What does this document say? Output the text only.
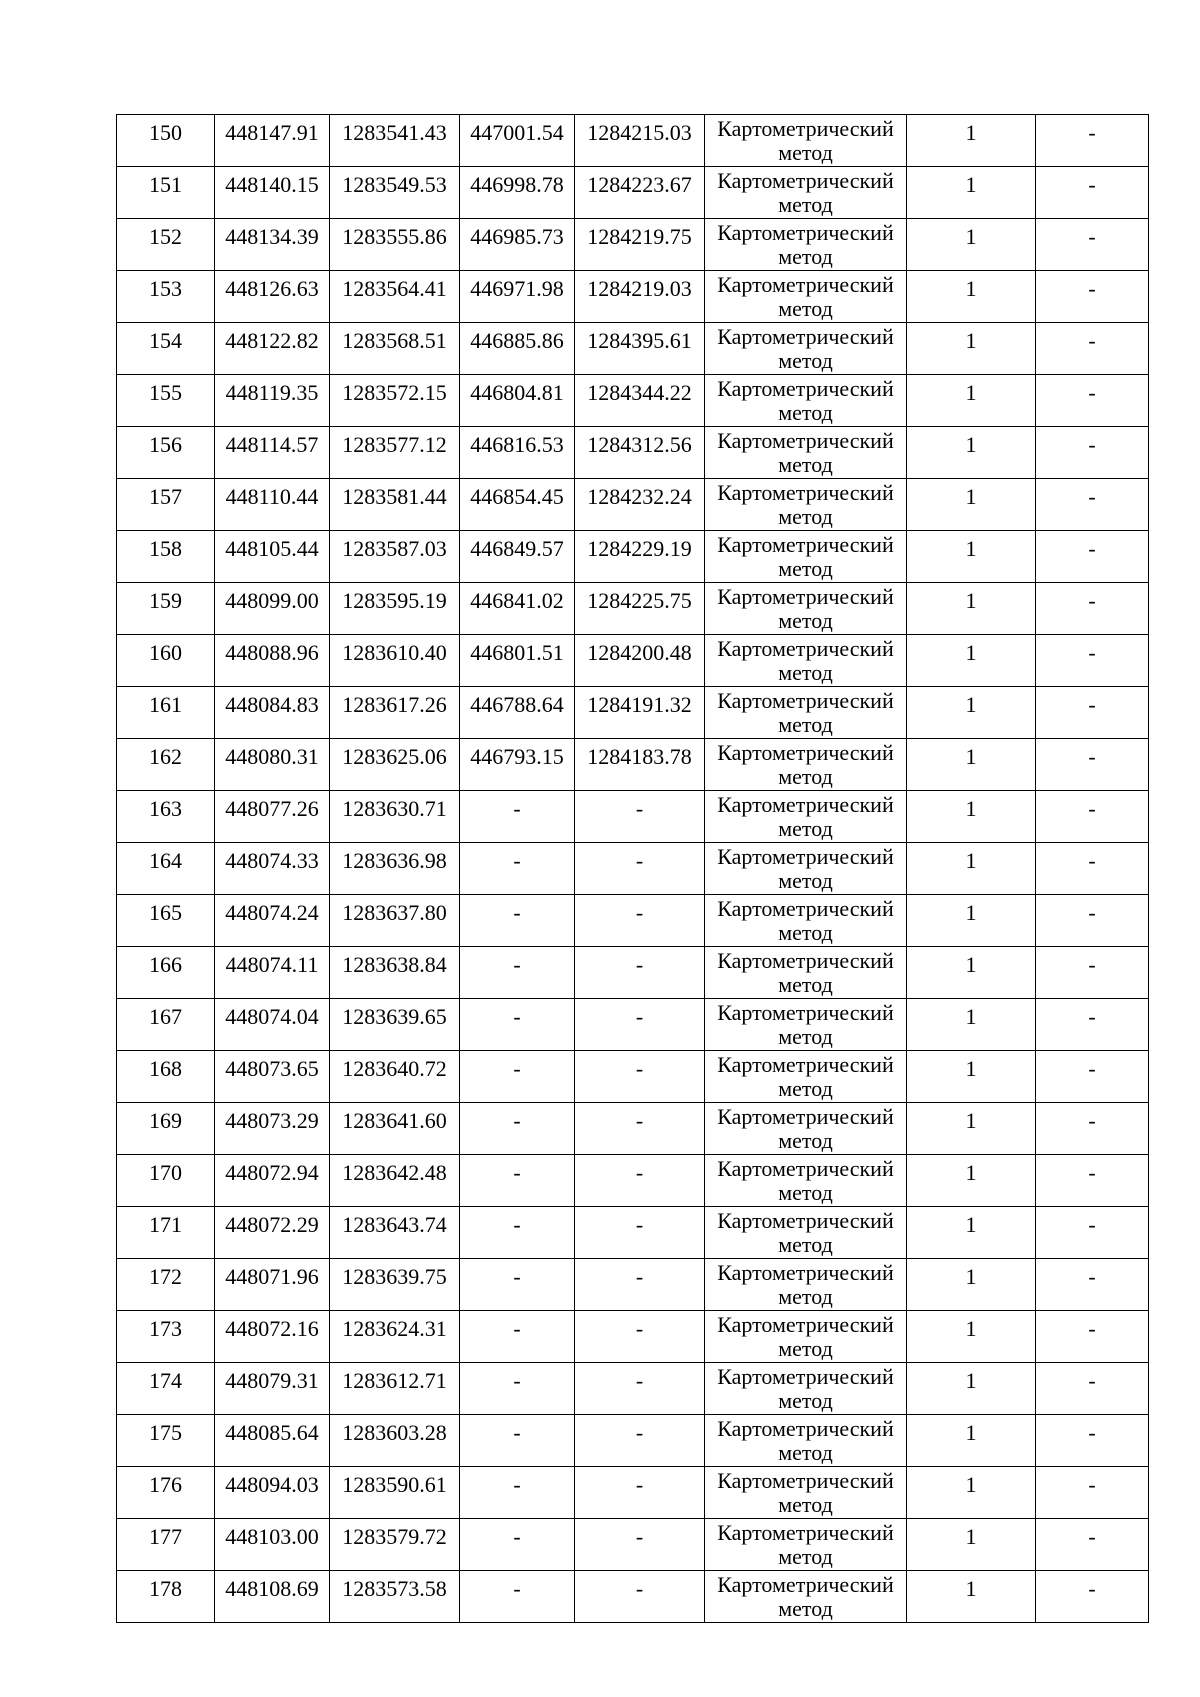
150	448147.91	1283541.43	447001.54	1284215.03	Картометрический метод	1	-
151	448140.15	1283549.53	446998.78	1284223.67	Картометрический метод	1	-
152	448134.39	1283555.86	446985.73	1284219.75	Картометрический метод	1	-
153	448126.63	1283564.41	446971.98	1284219.03	Картометрический метод	1	-
154	448122.82	1283568.51	446885.86	1284395.61	Картометрический метод	1	-
155	448119.35	1283572.15	446804.81	1284344.22	Картометрический метод	1	-
156	448114.57	1283577.12	446816.53	1284312.56	Картометрический метод	1	-
157	448110.44	1283581.44	446854.45	1284232.24	Картометрический метод	1	-
158	448105.44	1283587.03	446849.57	1284229.19	Картометрический метод	1	-
159	448099.00	1283595.19	446841.02	1284225.75	Картометрический метод	1	-
160	448088.96	1283610.40	446801.51	1284200.48	Картометрический метод	1	-
161	448084.83	1283617.26	446788.64	1284191.32	Картометрический метод	1	-
162	448080.31	1283625.06	446793.15	1284183.78	Картометрический метод	1	-
163	448077.26	1283630.71	-	-	Картометрический метод	1	-
164	448074.33	1283636.98	-	-	Картометрический метод	1	-
165	448074.24	1283637.80	-	-	Картометрический метод	1	-
166	448074.11	1283638.84	-	-	Картометрический метод	1	-
167	448074.04	1283639.65	-	-	Картометрический метод	1	-
168	448073.65	1283640.72	-	-	Картометрический метод	1	-
169	448073.29	1283641.60	-	-	Картометрический метод	1	-
170	448072.94	1283642.48	-	-	Картометрический метод	1	-
171	448072.29	1283643.74	-	-	Картометрический метод	1	-
172	448071.96	1283639.75	-	-	Картометрический метод	1	-
173	448072.16	1283624.31	-	-	Картометрический метод	1	-
174	448079.31	1283612.71	-	-	Картометрический метод	1	-
175	448085.64	1283603.28	-	-	Картометрический метод	1	-
176	448094.03	1283590.61	-	-	Картометрический метод	1	-
177	448103.00	1283579.72	-	-	Картометрический метод	1	-
178	448108.69	1283573.58	-	-	Картометрический метод	1	-
